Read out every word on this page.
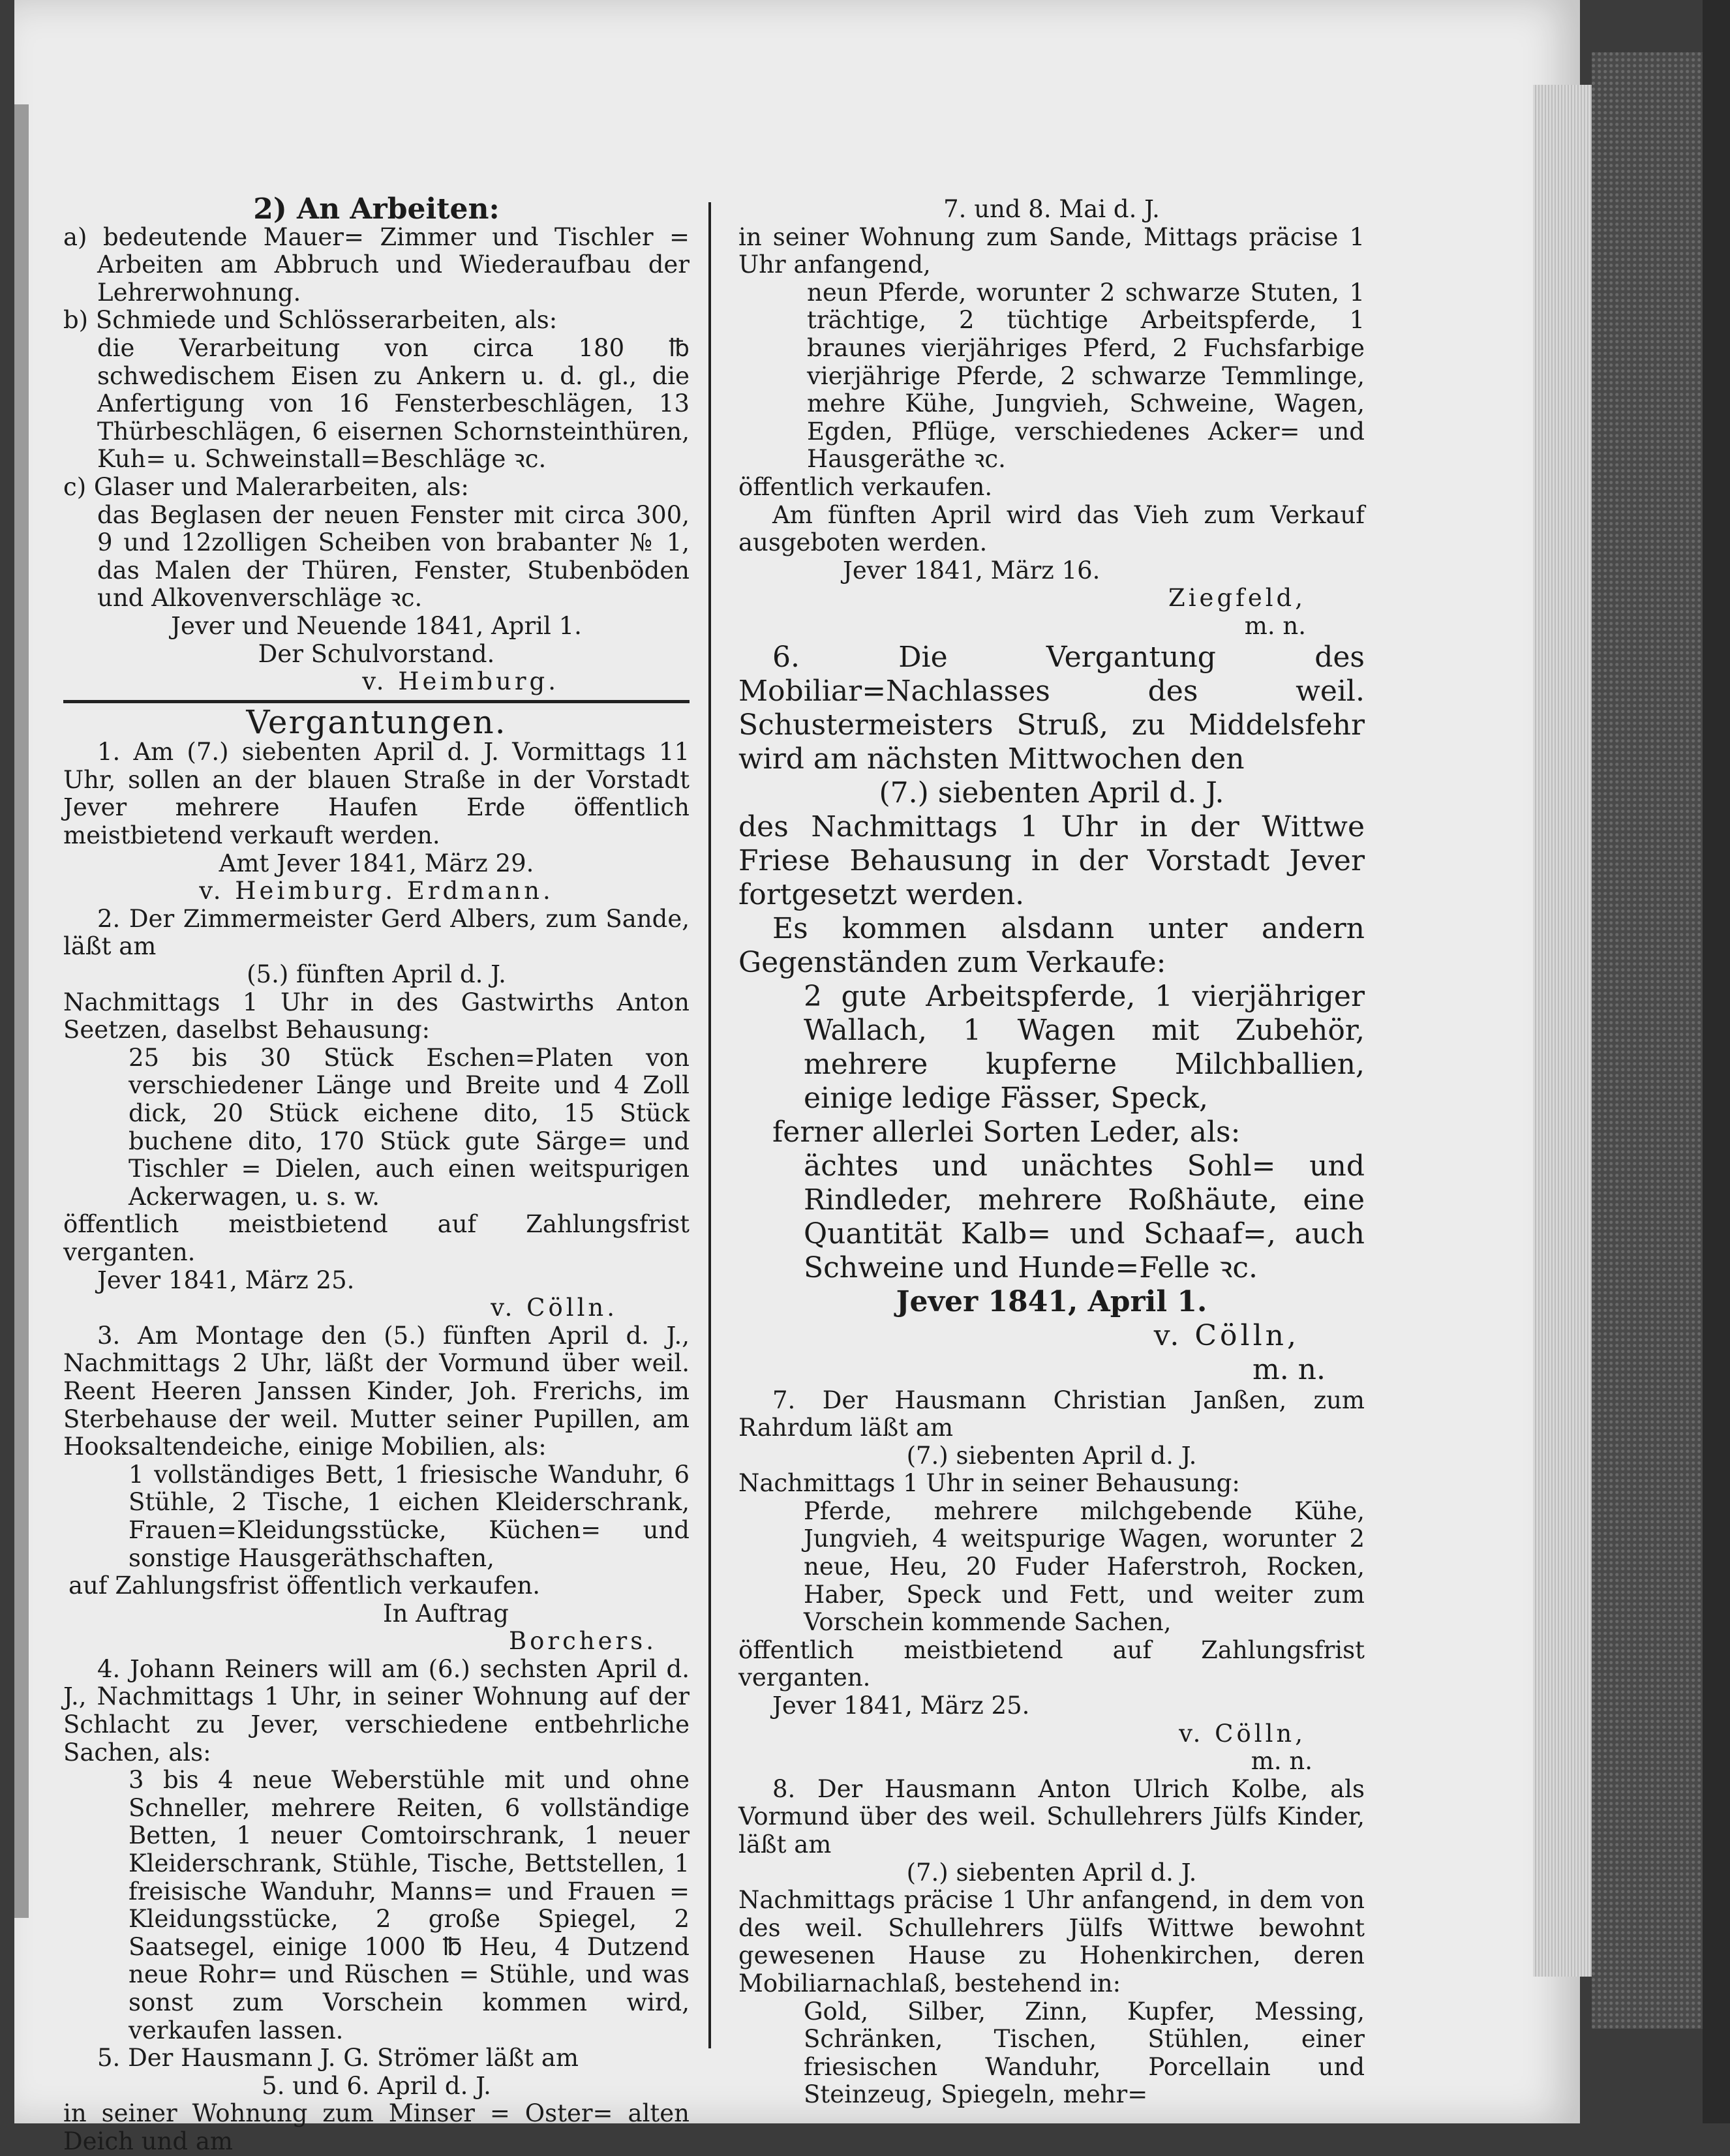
2) An Arbeiten:

a) bedeutende Mauer= Zimmer und Tischler = Arbeiten am Abbruch und Wiederaufbau der Lehrerwohnung.

b) Schmiede und Schlösserarbeiten, als:

die Verarbeitung von circa 180 ℔ schwedischem Eisen zu Ankern u. d. gl., die Anfertigung von 16 Fensterbeschlägen, 13 Thürbeschlägen, 6 eisernen Schornsteinthüren, Kuh= u. Schweinstall=Beschläge ꝛc.

c) Glaser und Malerarbeiten, als:

das Beglasen der neuen Fenster mit circa 300, 9 und 12zolligen Scheiben von brabanter № 1, das Malen der Thüren, Fenster, Stubenböden und Alkovenverschläge ꝛc.

Jever und Neuende 1841, April 1.

Der Schulvorstand.

v. Heimburg.

Vergantungen.

1. Am (7.) siebenten April d. J. Vormittags 11 Uhr, sollen an der blauen Straße in der Vorstadt Jever mehrere Haufen Erde öffentlich meistbietend verkauft werden.

Amt Jever 1841, März 29.

v. Heimburg. Erdmann.

2. Der Zimmermeister Gerd Albers, zum Sande, läßt am

(5.) fünften April d. J.

Nachmittags 1 Uhr in des Gastwirths Anton Seetzen, daselbst Behausung:

25 bis 30 Stück Eschen=Platen von verschiedener Länge und Breite und 4 Zoll dick, 20 Stück eichene dito, 15 Stück buchene dito, 170 Stück gute Särge= und Tischler = Dielen, auch einen weitspurigen Ackerwagen, u. s. w.

öffentlich meistbietend auf Zahlungsfrist verganten.

Jever 1841, März 25.

v. Cölln.

3. Am Montage den (5.) fünften April d. J., Nachmittags 2 Uhr, läßt der Vormund über weil. Reent Heeren Janssen Kinder, Joh. Frerichs, im Sterbehause der weil. Mutter seiner Pupillen, am Hooksaltendeiche, einige Mobilien, als:

1 vollständiges Bett, 1 friesische Wanduhr, 6 Stühle, 2 Tische, 1 eichen Kleiderschrank, Frauen=Kleidungsstücke, Küchen= und sonstige Hausgeräthschaften,

auf Zahlungsfrist öffentlich verkaufen.

In Auftrag

Borchers.

4. Johann Reiners will am (6.) sechsten April d. J., Nachmittags 1 Uhr, in seiner Wohnung auf der Schlacht zu Jever, verschiedene entbehrliche Sachen, als:

3 bis 4 neue Weberstühle mit und ohne Schneller, mehrere Reiten, 6 vollständige Betten, 1 neuer Comtoirschrank, 1 neuer Kleiderschrank, Stühle, Tische, Bettstellen, 1 freisische Wanduhr, Manns= und Frauen = Kleidungsstücke, 2 große Spiegel, 2 Saatsegel, einige 1000 ℔ Heu, 4 Dutzend neue Rohr= und Rüschen = Stühle, und was sonst zum Vorschein kommen wird, verkaufen lassen.

5. Der Hausmann J. G. Strömer läßt am

5. und 6. April d. J.

in seiner Wohnung zum Minser = Oster= alten Deich und am

7. und 8. Mai d. J.

in seiner Wohnung zum Sande, Mittags präcise 1 Uhr anfangend,

neun Pferde, worunter 2 schwarze Stuten, 1 trächtige, 2 tüchtige Arbeitspferde, 1 braunes vierjähriges Pferd, 2 Fuchsfarbige vierjährige Pferde, 2 schwarze Temmlinge, mehre Kühe, Jungvieh, Schweine, Wagen, Egden, Pflüge, verschiedenes Acker= und Hausgeräthe ꝛc.

öffentlich verkaufen.

Am fünften April wird das Vieh zum Verkauf ausgeboten werden.

Jever 1841, März 16.

Ziegfeld,

m. n.

6. Die Vergantung des Mobiliar=Nachlasses des weil. Schustermeisters Struß, zu Middelsfehr wird am nächsten Mittwochen den

(7.) siebenten April d. J.

des Nachmittags 1 Uhr in der Wittwe Friese Behausung in der Vorstadt Jever fortgesetzt werden.

Es kommen alsdann unter andern Gegenständen zum Verkaufe:

2 gute Arbeitspferde, 1 vierjähriger Wallach, 1 Wagen mit Zubehör, mehrere kupferne Milchballien, einige ledige Fässer, Speck,

ferner allerlei Sorten Leder, als:

ächtes und unächtes Sohl= und Rindleder, mehrere Roßhäute, eine Quantität Kalb= und Schaaf=, auch Schweine und Hunde=Felle ꝛc.

Jever 1841, April 1.

v. Cölln,

m. n.

7. Der Hausmann Christian Janßen, zum Rahrdum läßt am

(7.) siebenten April d. J.

Nachmittags 1 Uhr in seiner Behausung:

Pferde, mehrere milchgebende Kühe, Jungvieh, 4 weitspurige Wagen, worunter 2 neue, Heu, 20 Fuder Haferstroh, Rocken, Haber, Speck und Fett, und weiter zum Vorschein kommende Sachen,

öffentlich meistbietend auf Zahlungsfrist verganten.

Jever 1841, März 25.

v. Cölln,

m. n.

8. Der Hausmann Anton Ulrich Kolbe, als Vormund über des weil. Schullehrers Jülfs Kinder, läßt am

(7.) siebenten April d. J.

Nachmittags präcise 1 Uhr anfangend, in dem von des weil. Schullehrers Jülfs Wittwe bewohnt gewesenen Hause zu Hohenkirchen, deren Mobiliarnachlaß, bestehend in:

Gold, Silber, Zinn, Kupfer, Messing, Schränken, Tischen, Stühlen, einer friesischen Wanduhr, Porcellain und Steinzeug, Spiegeln, mehr=
